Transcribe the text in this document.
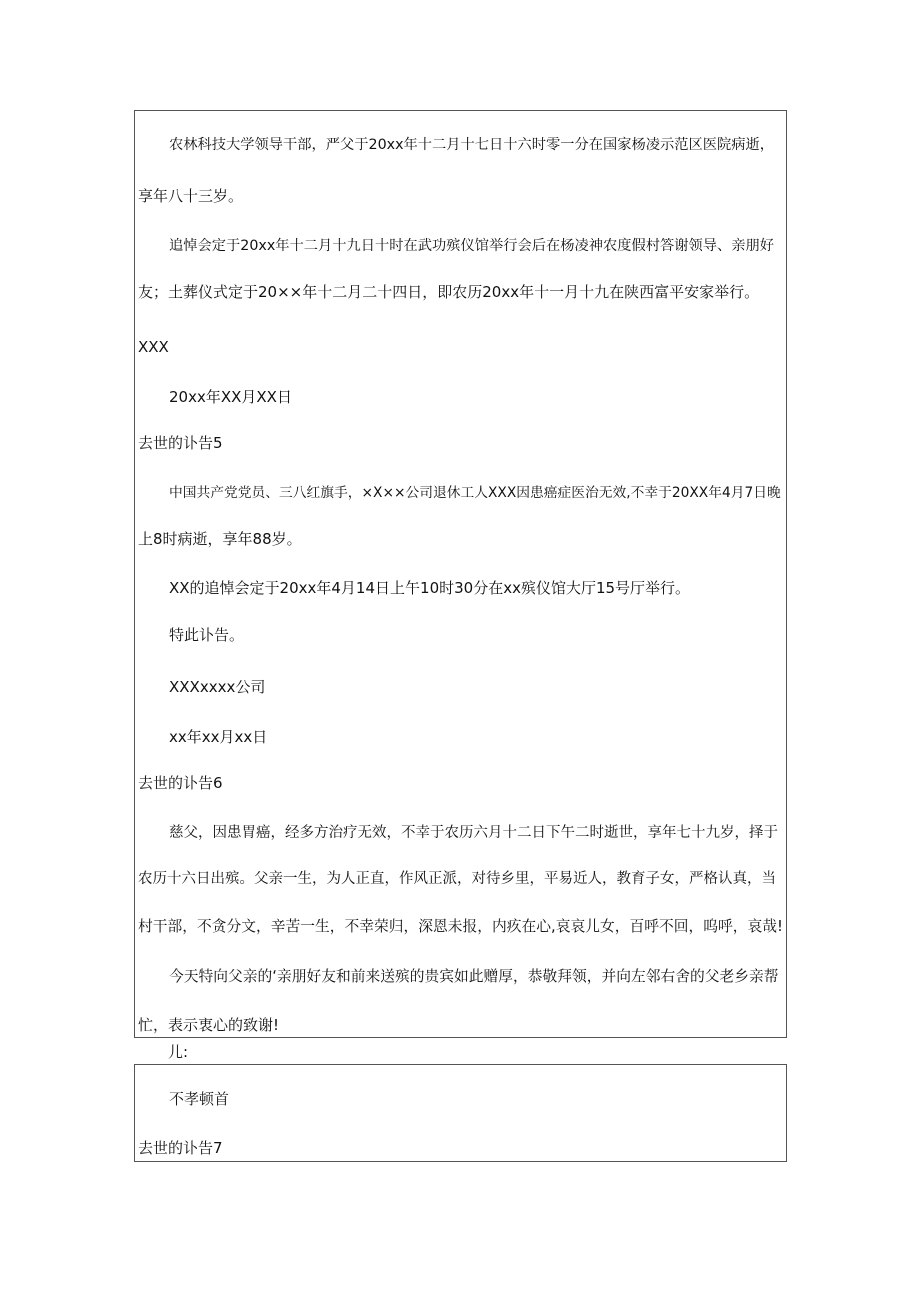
农林科技大学领导干部，严父于20xx年十二月十七日十六时零一分在国家杨凌示范区医院病逝，
享年八十三岁。
追悼会定于20xx年十二月十九日十时在武功殡仪馆举行会后在杨凌神农度假村答谢领导、亲朋好
友；土葬仪式定于20××年十二月二十四日，即农历20xx年十一月十九在陕西富平安家举行。
XXX
20xx年XX月XX日
去世的讣告5
中国共产党党员、三八红旗手，×X××公司退休工人XXX因患癌症医治无效,不幸于20XX年4月7日晚
上8时病逝，享年88岁。
XX的追悼会定于20xx年4月14日上午10时30分在xx殡仪馆大厅15号厅举行。
特此讣告。
XXXxxxx公司
xx年xx月xx日
去世的讣告6
慈父，因患胃癌，经多方治疗无效，不幸于农历六月十二日下午二时逝世，享年七十九岁，择于
农历十六日出殡。父亲一生，为人正直，作风正派，对待乡里，平易近人，教育子女，严格认真，当
村干部，不贪分文，辛苦一生，不幸荣归，深恩未报，内疚在心,哀哀儿女，百呼不回，呜呼，哀哉!
今天特向父亲的‘亲朋好友和前来送殡的贵宾如此赠厚，恭敬拜领，并向左邻右舍的父老乡亲帮
忙，表示衷心的致谢!
儿:
不孝顿首
去世的讣告7
